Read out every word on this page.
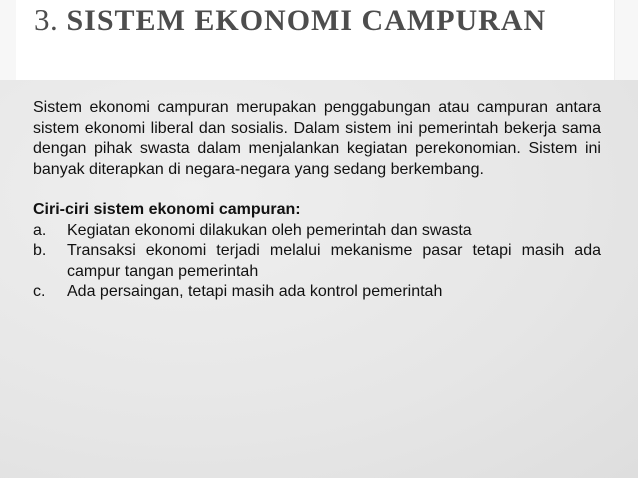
3. SISTEM EKONOMI CAMPURAN

Sistem ekonomi campuran merupakan penggabungan atau campuran antara sistem ekonomi liberal dan sosialis. Dalam sistem ini pemerintah bekerja sama dengan pihak swasta dalam menjalankan kegiatan perekonomian. Sistem ini banyak diterapkan di negara-negara yang sedang berkembang.

Ciri-ciri sistem ekonomi campuran:

a.	Kegiatan ekonomi dilakukan oleh pemerintah dan swasta
b.	Transaksi ekonomi terjadi melalui mekanisme pasar tetapi masih ada campur tangan pemerintah
c.	Ada persaingan, tetapi masih ada kontrol pemerintah
